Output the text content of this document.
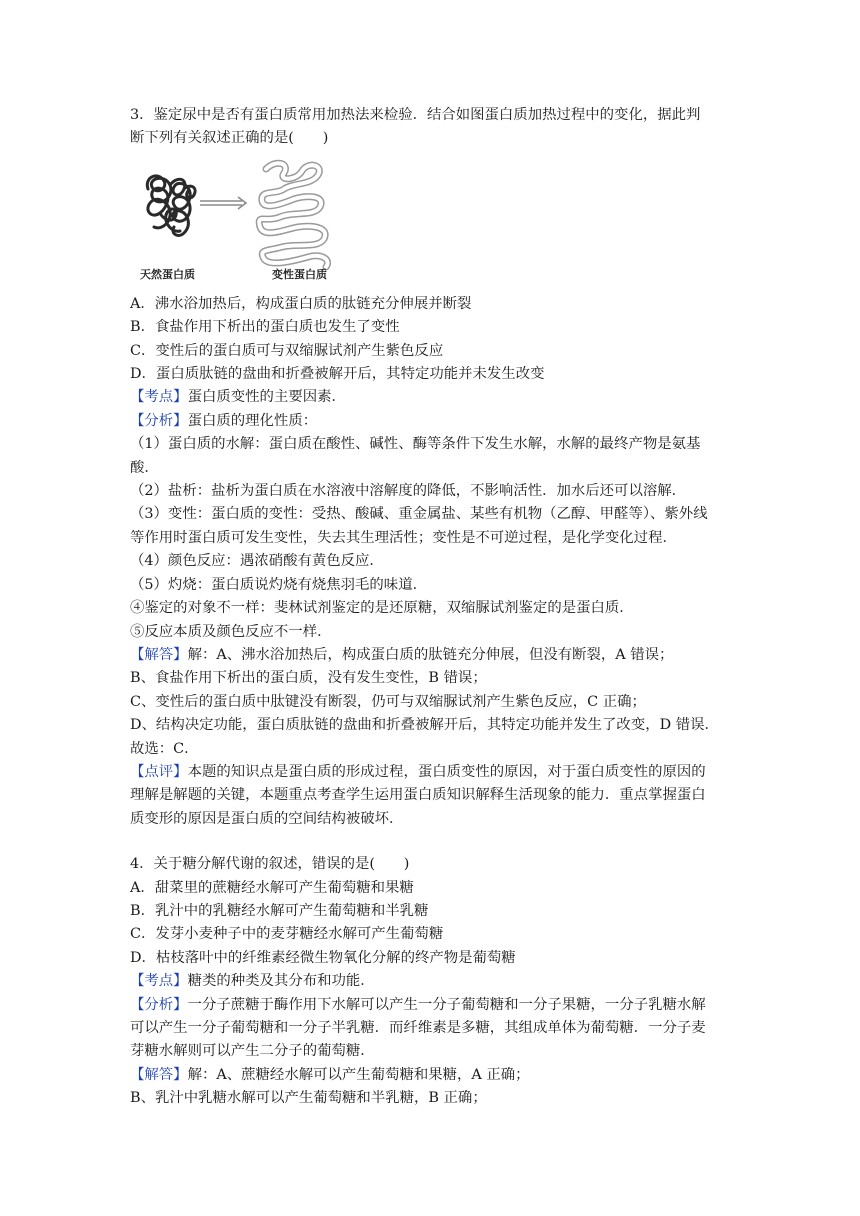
3．鉴定尿中是否有蛋白质常用加热法来检验．结合如图蛋白质加热过程中的变化，据此判
断下列有关叙述正确的是(　　)
天然蛋白质	变性蛋白质
A．沸水浴加热后，构成蛋白质的肽链充分伸展并断裂
B．食盐作用下析出的蛋白质也发生了变性
C．变性后的蛋白质可与双缩脲试剂产生紫色反应
D．蛋白质肽链的盘曲和折叠被解开后，其特定功能并未发生改变
【考点】蛋白质变性的主要因素．
【分析】蛋白质的理化性质：
（1）蛋白质的水解：蛋白质在酸性、碱性、酶等条件下发生水解，水解的最终产物是氨基
酸．
（2）盐析：盐析为蛋白质在水溶液中溶解度的降低，不影响活性．加水后还可以溶解．
（3）变性：蛋白质的变性：受热、酸碱、重金属盐、某些有机物（乙醇、甲醛等）、紫外线
等作用时蛋白质可发生变性，失去其生理活性；变性是不可逆过程，是化学变化过程．
（4）颜色反应：遇浓硝酸有黄色反应．
（5）灼烧：蛋白质说灼烧有烧焦羽毛的味道．
④鉴定的对象不一样：斐林试剂鉴定的是还原糖，双缩脲试剂鉴定的是蛋白质．
⑤反应本质及颜色反应不一样．
【解答】解：A、沸水浴加热后，构成蛋白质的肽链充分伸展，但没有断裂，A 错误；
B、食盐作用下析出的蛋白质，没有发生变性，B 错误；
C、变性后的蛋白质中肽键没有断裂，仍可与双缩脲试剂产生紫色反应，C 正确；
D、结构决定功能，蛋白质肽链的盘曲和折叠被解开后，其特定功能并发生了改变，D 错误．
故选：C．
【点评】本题的知识点是蛋白质的形成过程，蛋白质变性的原因，对于蛋白质变性的原因的
理解是解题的关键，本题重点考查学生运用蛋白质知识解释生活现象的能力．重点掌握蛋白
质变形的原因是蛋白质的空间结构被破坏．
4．关于糖分解代谢的叙述，错误的是(　　)
A．甜菜里的蔗糖经水解可产生葡萄糖和果糖
B．乳汁中的乳糖经水解可产生葡萄糖和半乳糖
C．发芽小麦种子中的麦芽糖经水解可产生葡萄糖
D．枯枝落叶中的纤维素经微生物氧化分解的终产物是葡萄糖
【考点】糖类的种类及其分布和功能．
【分析】一分子蔗糖于酶作用下水解可以产生一分子葡萄糖和一分子果糖，一分子乳糖水解
可以产生一分子葡萄糖和一分子半乳糖．而纤维素是多糖，其组成单体为葡萄糖．一分子麦
芽糖水解则可以产生二分子的葡萄糖．
【解答】解：A、蔗糖经水解可以产生葡萄糖和果糖，A 正确；
B、乳汁中乳糖水解可以产生葡萄糖和半乳糖，B 正确；
